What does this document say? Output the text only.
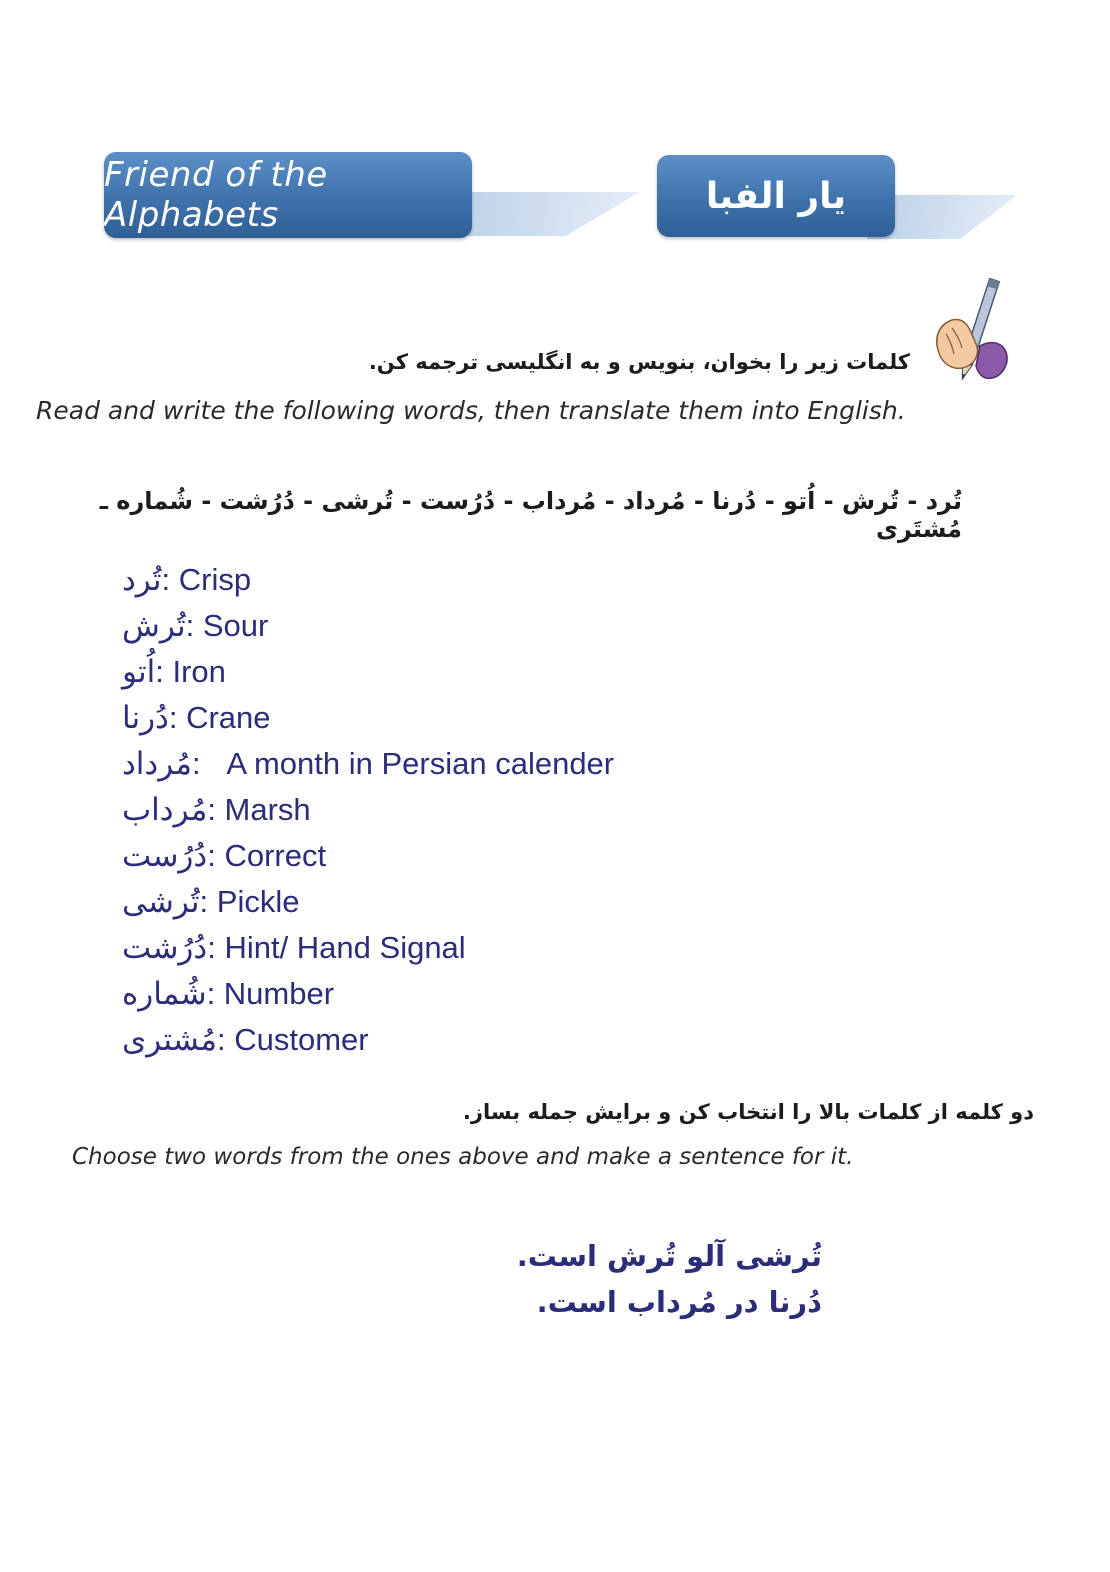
Friend of the Alphabets	یار الفبا
کلمات زیر را بخوان، بنویس و به انگلیسی ترجمه کن.
Read and write the following words, then translate them into English.
تُرد - تُرش - اُتو - دُرنا - مُرداد - مُرداب - دُرُست - تُرشی - دُرُشت - شُماره ـ مُشتَری
تُرد: Crisp
تُرش: Sour
اُتو: Iron
دُرنا: Crane
مُرداد:   A month in Persian calender
مُرداب: Marsh
دُرُست: Correct
تُرشی: Pickle
دُرُشت: Hint/ Hand Signal
شُماره: Number
مُشتری: Customer
دو کلمه از کلمات بالا را انتخاب کن و برایش جمله بساز.
Choose two words from the ones above and make a sentence for it.
تُرشی آلو تُرش است.
دُرنا در مُرداب است.
